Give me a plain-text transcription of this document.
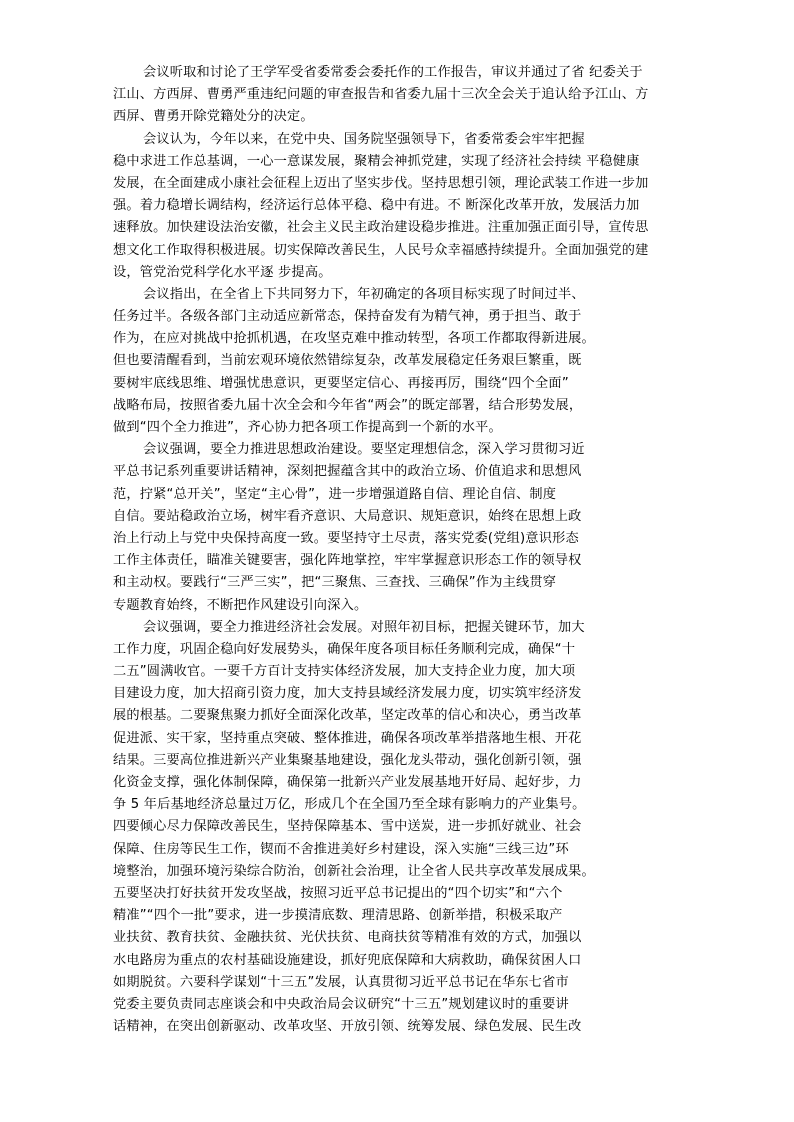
会议听取和讨论了王学军受省委常委会委托作的工作报告，审议并通过了省 纪委关于
江山、方西屏、曹勇严重违纪问题的审查报告和省委九届十三次全会关于追认给予江山、方
西屏、曹勇开除党籍处分的决定。
会议认为，今年以来，在党中央、国务院坚强领导下，省委常委会牢牢把握
稳中求进工作总基调，一心一意谋发展，聚精会神抓党建，实现了经济社会持续 平稳健康
发展，在全面建成小康社会征程上迈出了坚实步伐。坚持思想引领，理论武装工作进一步加
强。着力稳增长调结构，经济运行总体平稳、稳中有进。不 断深化改革开放，发展活力加
速释放。加快建设法治安徽，社会主义民主政治建设稳步推进。注重加强正面引导，宣传思
想文化工作取得积极进展。切实保障改善民生，人民号众幸福感持续提升。全面加强党的建
设，管党治党科学化水平逐 步提高。
会议指出，在全省上下共同努力下，年初确定的各项目标实现了时间过半、
任务过半。各级各部门主动适应新常态，保持奋发有为精气神，勇于担当、敢于
作为，在应对挑战中抢抓机遇，在攻坚克难中推动转型，各项工作都取得新进展。
但也要清醒看到，当前宏观环境依然错综复杂，改革发展稳定任务艰巨繁重，既
要树牢底线思维、增强忧患意识，更要坚定信心、再接再厉，围绕“四个全面”
战略布局，按照省委九届十次全会和今年省“两会”的既定部署，结合形势发展，
做到“四个全力推进”，齐心协力把各项工作提高到一个新的水平。
会议强调，要全力推进思想政治建设。要坚定理想信念，深入学习贯彻习近
平总书记系列重要讲话精神，深刻把握蕴含其中的政治立场、价值追求和思想风
范，拧紧“总开关”，坚定“主心骨”，进一步增强道路自信、理论自信、制度
自信。要站稳政治立场，树牢看齐意识、大局意识、规矩意识，始终在思想上政
治上行动上与党中央保持高度一致。要坚持守土尽责，落实党委(党组)意识形态
工作主体责任，瞄准关键要害，强化阵地掌控，牢牢掌握意识形态工作的领导权
和主动权。要践行“三严三实”，把“三聚焦、三查找、三确保”作为主线贯穿
专题教育始终，不断把作风建设引向深入。
会议强调，要全力推进经济社会发展。对照年初目标，把握关键环节，加大
工作力度，巩固企稳向好发展势头，确保年度各项目标任务顺利完成，确保“十
二五”圆满收官。一要千方百计支持实体经济发展，加大支持企业力度，加大项
目建设力度，加大招商引资力度，加大支持县域经济发展力度，切实筑牢经济发
展的根基。二要聚焦聚力抓好全面深化改革，坚定改革的信心和决心，勇当改革
促进派、实干家，坚持重点突破、整体推进，确保各项改革举措落地生根、开花
结果。三要高位推进新兴产业集聚基地建设，强化龙头带动，强化创新引领，强
化资金支撑，强化体制保障，确保第一批新兴产业发展基地开好局、起好步，力
争 5 年后基地经济总量过万亿，形成几个在全国乃至全球有影响力的产业集号。
四要倾心尽力保障改善民生，坚持保障基本、雪中送炭，进一步抓好就业、社会
保障、住房等民生工作，锲而不舍推进美好乡村建设，深入实施“三线三边”环
境整治，加强环境污染综合防治，创新社会治理，让全省人民共享改革发展成果。
五要坚决打好扶贫开发攻坚战，按照习近平总书记提出的“四个切实”和“六个
精准”“四个一批”要求，进一步摸清底数、理清思路、创新举措，积极采取产
业扶贫、教育扶贫、金融扶贫、光伏扶贫、电商扶贫等精准有效的方式，加强以
水电路房为重点的农村基础设施建设，抓好兜底保障和大病救助，确保贫困人口
如期脱贫。六要科学谋划“十三五”发展，认真贯彻习近平总书记在华东七省市
党委主要负责同志座谈会和中央政治局会议研究“十三五”规划建议时的重要讲
话精神，在突出创新驱动、改革攻坚、开放引领、统筹发展、绿色发展、民生改
